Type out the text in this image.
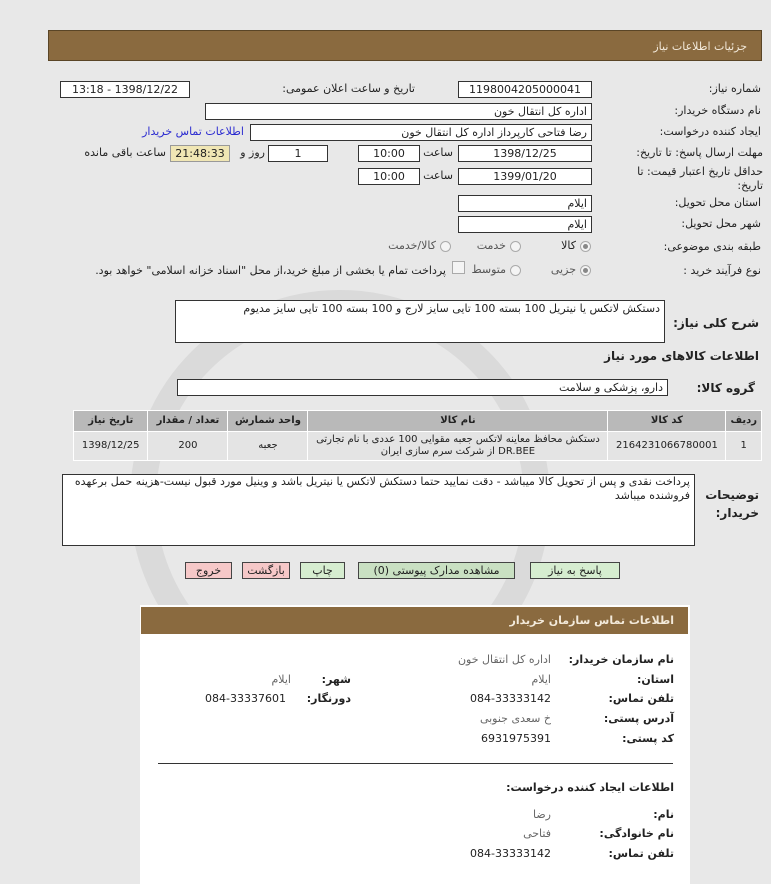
جزئیات اطلاعات نیاز
شماره نیاز:
1198004205000041
تاریخ و ساعت اعلان عمومی:
1398/12/22 - 13:18
نام دستگاه خریدار:
اداره کل انتقال خون
ایجاد کننده درخواست:
رضا فتاحی کارپرداز اداره کل انتقال خون
اطلاعات تماس خریدار
مهلت ارسال پاسخ: تا تاریخ:
1398/12/25
ساعت
10:00
1
روز و
21:48:33
ساعت باقی مانده
حداقل تاریخ اعتبار قیمت: تا تاریخ:
1399/01/20
ساعت
10:00
استان محل تحویل:
ایلام
شهر محل تحویل:
ایلام
طبقه بندی موضوعی:
کالا
خدمت
کالا/خدمت
نوع فرآیند خرید :
جزیی
متوسط
پرداخت تمام یا بخشی از مبلغ خرید،از محل "اسناد خزانه اسلامی" خواهد بود.
شرح کلی نیاز:
دستکش لاتکس یا نیتریل 100 بسته 100 تایی سایز لارج و 100 بسته 100 تایی سایز مدیوم
اطلاعات کالاهای مورد نیاز
گروه کالا:
دارو، پزشکی و سلامت
ردیف	کد کالا	نام کالا	واحد شمارش	تعداد / مقدار	تاریخ نیاز
1	2164231066780001	دستکش محافظ معاینه لاتکس جعبه مقوایی 100 عددی با نام تجارتی DR.BEE از شرکت سرم سازی ایران	جعبه	200	1398/12/25
توضیحات خریدار:
پرداخت نقدی و پس از تحویل کالا میباشد - دقت نمایید حتما دستکش لاتکس یا نیتریل باشد و وینیل مورد قبول نیست-هزینه حمل برعهده فروشنده میباشد
پاسخ به نیاز
مشاهده مدارک پیوستی (0)
چاپ
بازگشت
خروج
اطلاعات تماس سازمان خریدار
نام سازمان خریدار:
اداره کل انتقال خون
استان:
ایلام
شهر:
ایلام
تلفن تماس:
084-33333142
دورنگار:
084-33337601
آدرس پستی:
خ سعدی جنوبی
کد پستی:
6931975391
اطلاعات ایجاد کننده درخواست:
نام:
رضا
نام خانوادگی:
فتاحی
تلفن تماس:
084-33333142
